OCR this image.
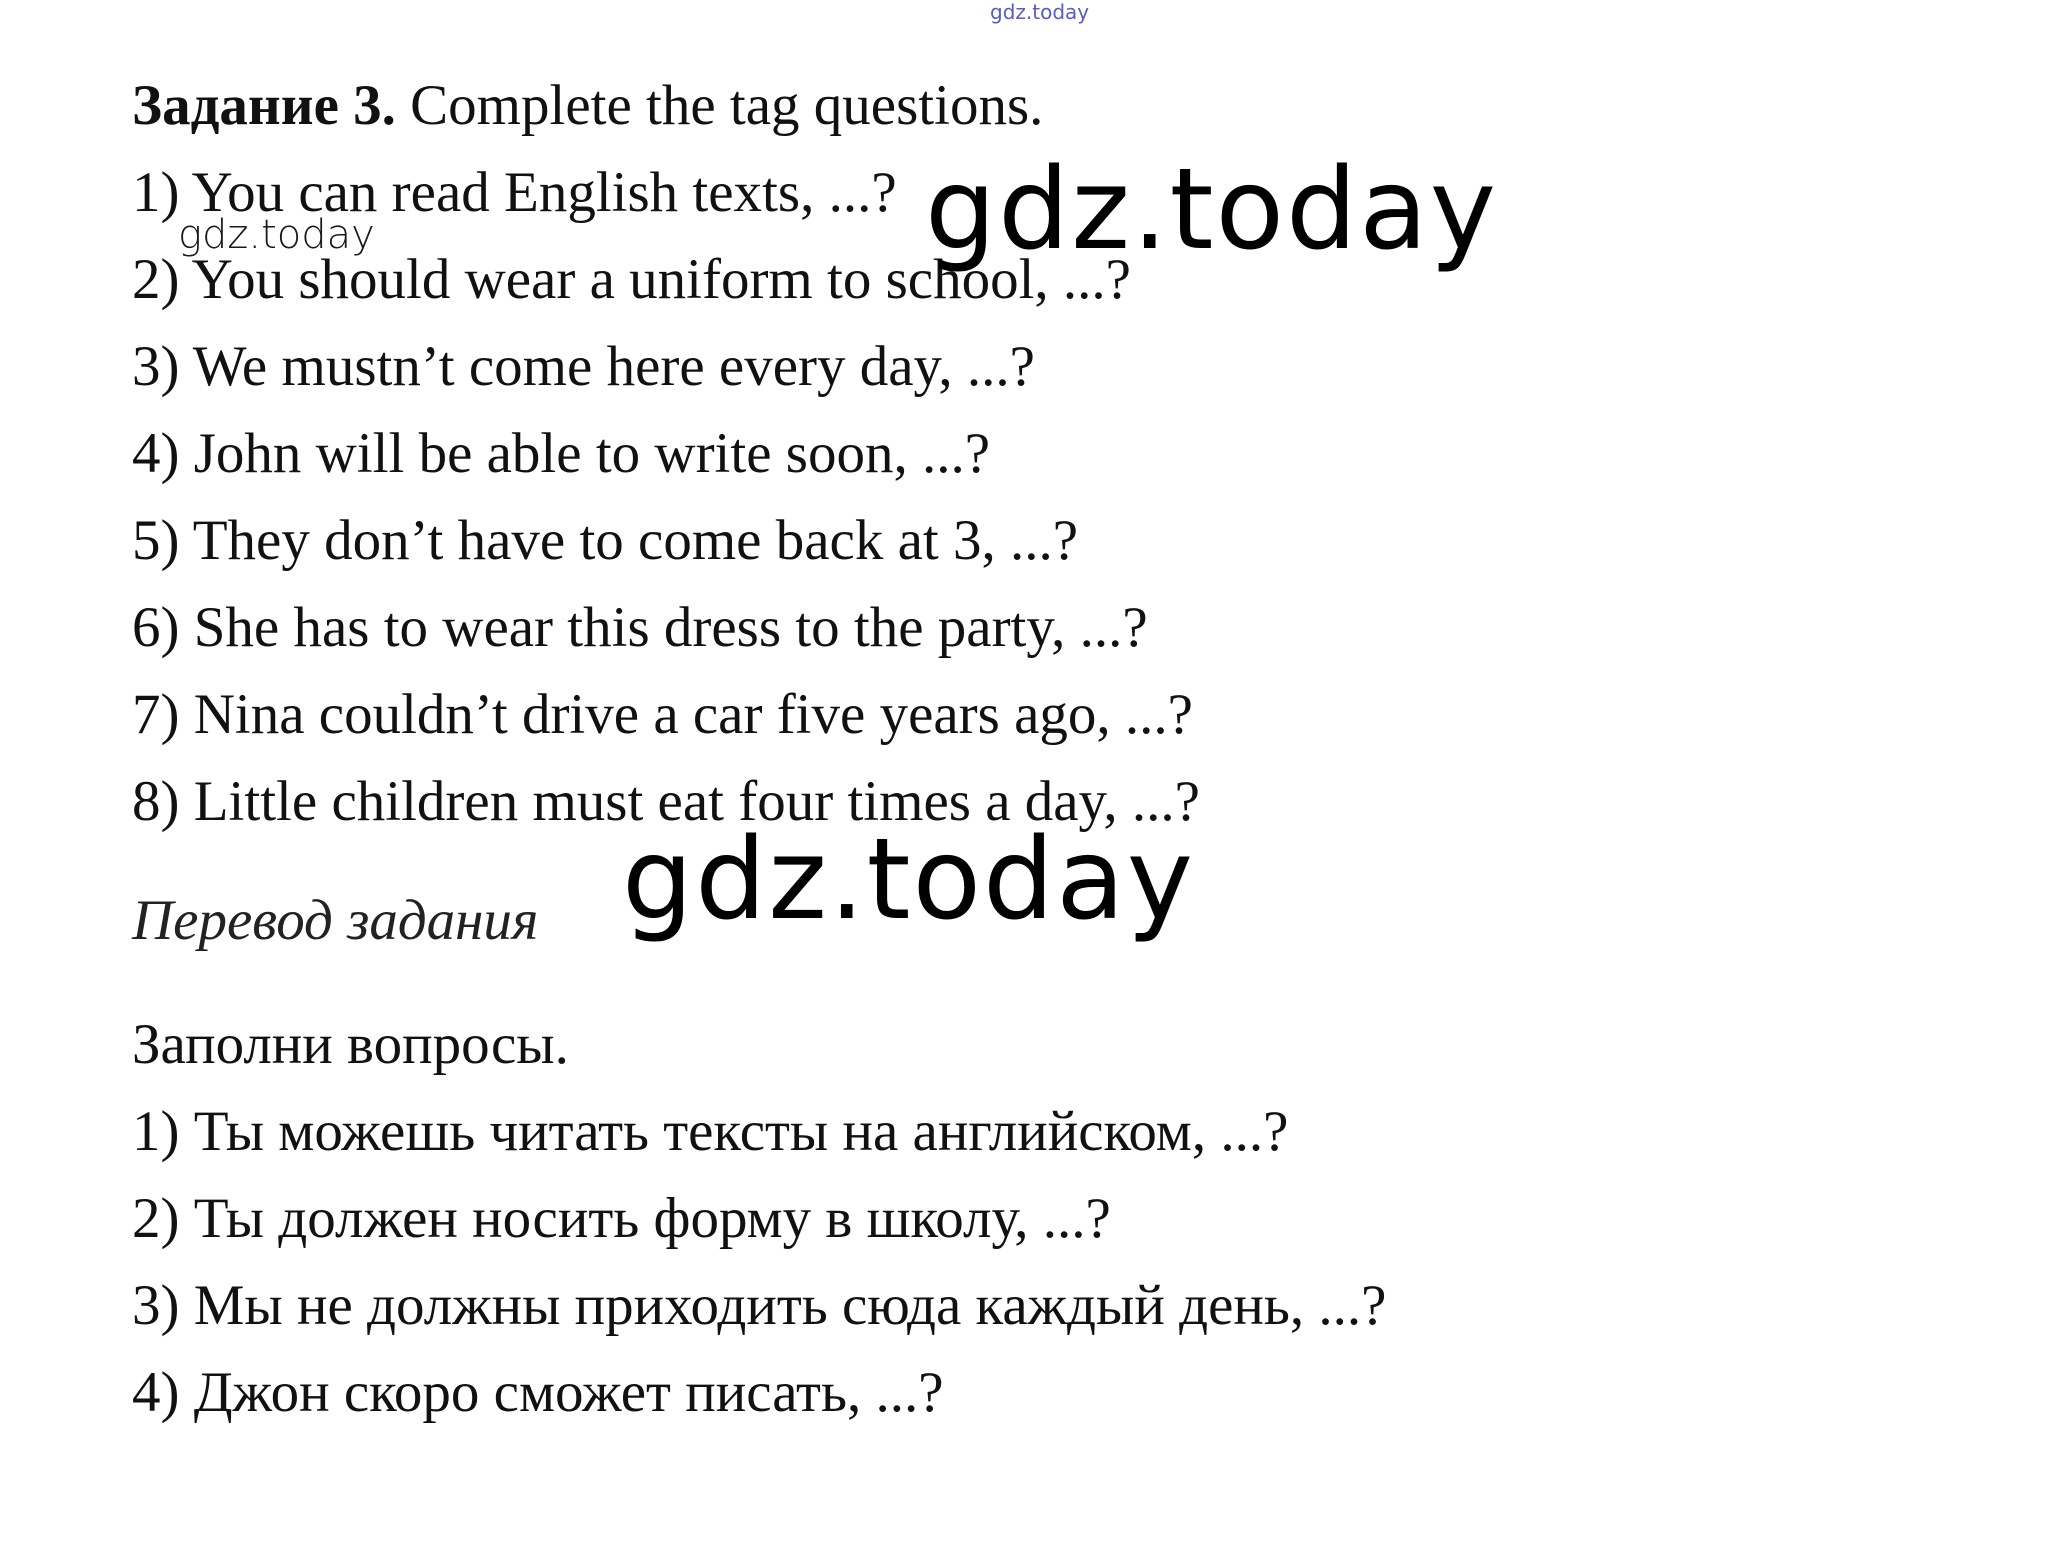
gdz.today
Задание 3. Complete the tag questions.
1) You can read English texts, ...?
2) You should wear a uniform to school, ...?
3) We mustn’t come here every day, ...?
4) John will be able to write soon, ...?
5) They don’t have to come back at 3, ...?
6) She has to wear this dress to the party, ...?
7) Nina couldn’t drive a car five years ago, ...?
8) Little children must eat four times a day, ...?
Перевод задания
Заполни вопросы.
1) Ты можешь читать тексты на английском, ...?
2) Ты должен носить форму в школу, ...?
3) Мы не должны приходить сюда каждый день, ...?
4) Джон скоро сможет писать, ...?
gdz.today	gdz.today
gdz.today
